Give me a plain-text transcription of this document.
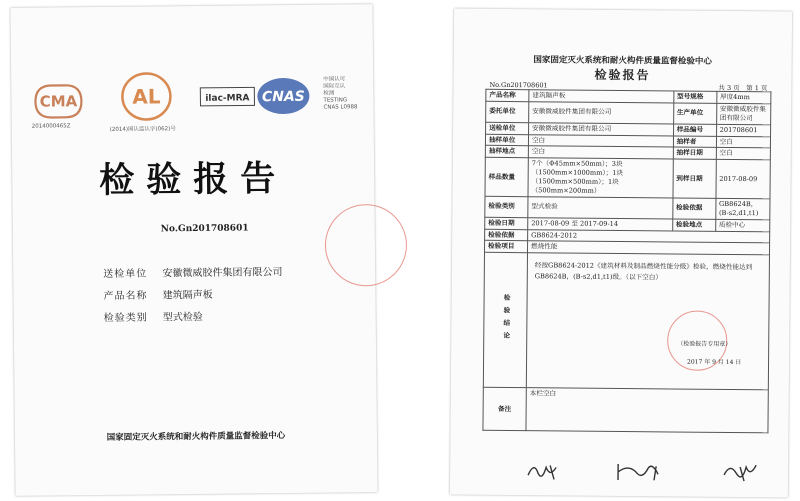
CMA
2014000465Z
AL
(2014)国认监认字(062)号
ilac-MRA CNAS
中国认可
国际互认
检测
TESTING
CNAS L0988
检验报告
No.Gn201708601
送检单位 安徽微威胶件集团有限公司
产品名称 建筑隔声板
检验类别 型式检验
国家固定灭火系统和耐火构件质量监督检验中心
国家固定灭火系统和耐火构件质量监督检验中心
检验报告
No.Gn201708601	共 3 页　第 1 页
产品名称	建筑隔声板	型号规格	厚度4mm
委托单位	安徽微威胶件集团有限公司	生产单位	安徽微威胶件集团有限公司
送检单位	安徽微威胶件集团有限公司	样品编号	201708601
抽样单位	空白	抽样者	空白
抽样地点	空白	抽样日期	空白
样品数量	7个（Φ45mm×50mm）；3块（1500mm×1000mm）；1块（1500mm×500mm）；1块（500mm×200mm）	到样日期	2017-08-09
检验类别	型式检验	检验依据	GB8624B，(B-s2,d1,t1)
检验日期	2017-08-09 至 2017-09-14	检验地点	质检中心
检验依据	GB8624-2012		
检验项目	燃烧性能		
检验结论	经按GB8624-2012《建筑材料及制品燃烧性能分级》检验，燃烧性能达到GB8624B，(B-s2,d1,t1)级。（以下空白）
（检验报告专用章）
2017 年 9 月 14 日		

备注	本栏空白		
